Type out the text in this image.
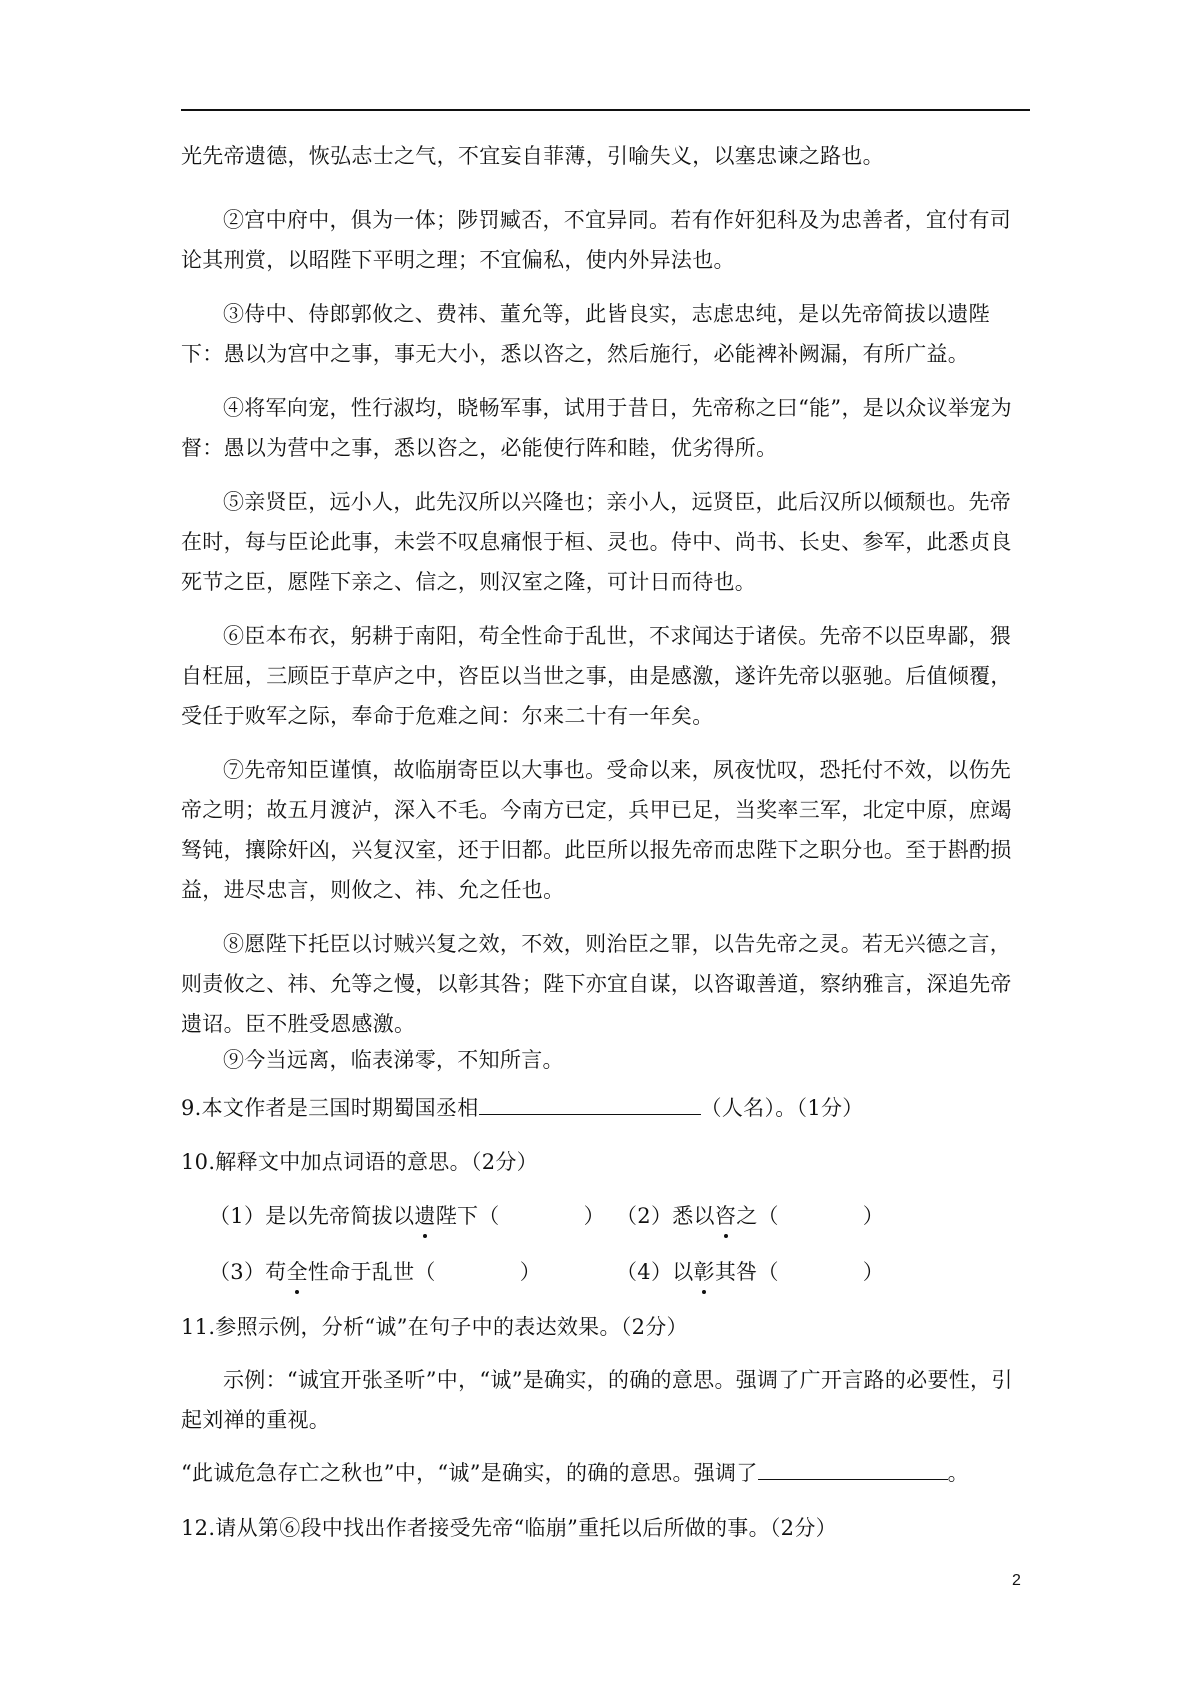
光先帝遗德，恢弘志士之气，不宜妄自菲薄，引喻失义，以塞忠谏之路也。

②宫中府中，俱为一体；陟罚臧否，不宜异同。若有作奸犯科及为忠善者，宜付有司论其刑赏，以昭陛下平明之理；不宜偏私，使内外异法也。

③侍中、侍郎郭攸之、费祎、董允等，此皆良实，志虑忠纯，是以先帝简拔以遗陛下：愚以为宫中之事，事无大小，悉以咨之，然后施行，必能裨补阙漏，有所广益。

④将军向宠，性行淑均，晓畅军事，试用于昔日，先帝称之曰“能”，是以众议举宠为督：愚以为营中之事，悉以咨之，必能使行阵和睦，优劣得所。

⑤亲贤臣，远小人，此先汉所以兴隆也；亲小人，远贤臣，此后汉所以倾颓也。先帝在时，每与臣论此事，未尝不叹息痛恨于桓、灵也。侍中、尚书、长史、参军，此悉贞良死节之臣，愿陛下亲之、信之，则汉室之隆，可计日而待也。

⑥臣本布衣，躬耕于南阳，苟全性命于乱世，不求闻达于诸侯。先帝不以臣卑鄙，猥自枉屈，三顾臣于草庐之中，咨臣以当世之事，由是感激，遂许先帝以驱驰。后值倾覆，受任于败军之际，奉命于危难之间：尔来二十有一年矣。

⑦先帝知臣谨慎，故临崩寄臣以大事也。受命以来，夙夜忧叹，恐托付不效，以伤先帝之明；故五月渡泸，深入不毛。今南方已定，兵甲已足，当奖率三军，北定中原，庶竭驽钝，攘除奸凶，兴复汉室，还于旧都。此臣所以报先帝而忠陛下之职分也。至于斟酌损益，进尽忠言，则攸之、祎、允之任也。

⑧愿陛下托臣以讨贼兴复之效，不效，则治臣之罪，以告先帝之灵。若无兴德之言，则责攸之、祎、允等之慢，以彰其咎；陛下亦宜自谋，以咨诹善道，察纳雅言，深追先帝遗诏。臣不胜受恩感激。

⑨今当远离，临表涕零，不知所言。

9.本文作者是三国时期蜀国丞相	（人名）。（1分）
10.解释文中加点词语的意思。（2分）
（1）是以先帝简拔以遗陛下（	） （2）悉以咨之（	）
（3）苟全性命于乱世（	）	（4）以彰其咎（	）
11.参照示例，分析“诚”在句子中的表达效果。（2分）

示例：“诚宜开张圣听”中，“诚”是确实，的确的意思。强调了广开言路的必要性，引起刘禅的重视。

“此诚危急存亡之秋也”中，“诚”是确实，的确的意思。强调了	。
12.请从第⑥段中找出作者接受先帝“临崩”重托以后所做的事。（2分）
2
